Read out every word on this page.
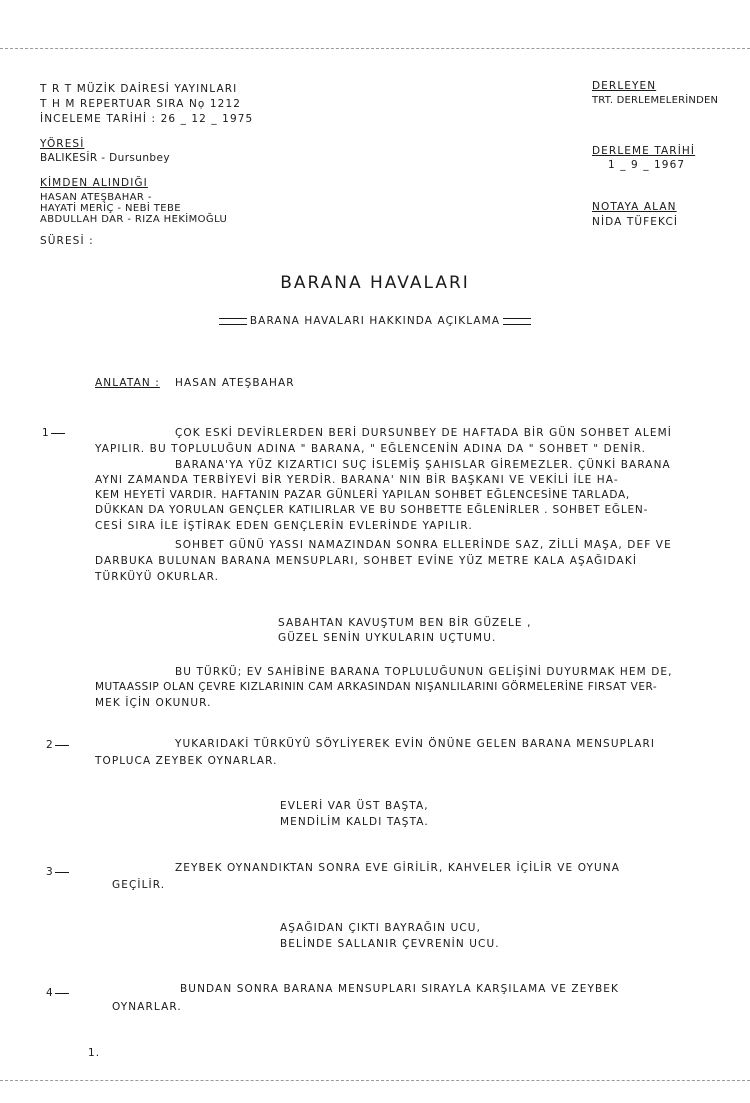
T R T MÜZİK DAİRESİ YAYINLARI
T H M REPERTUAR SIRA Nọ 1212
İNCELEME TARİHİ : 26 _ 12 _ 1975
YÖRESİ
BALIKESİR - Dursunbey
KİMDEN ALINDIĞI
HASAN ATEŞBAHAR -
HAYATİ MERİÇ - NEBİ TEBE
ABDULLAH DAR - RIZA HEKİMOĞLU
SÜRESİ :
DERLEYEN
TRT. DERLEMELERİNDEN
DERLEME TARİHİ
1 _ 9 _ 1967
NOTAYA ALAN
NİDA TÜFEKCİ
BARANA HAVALARI
BARANA HAVALARI HAKKINDA AÇIKLAMA
ANLATAN : HASAN ATEŞBAHAR
1	ÇOK ESKİ DEVİRLERDEN BERİ DURSUNBEY DE HAFTADA BİR GÜN SOHBET ALEMİ
YAPILIR. BU TOPLULUĞUN ADINA " BARANA, " EĞLENCENİN ADINA DA " SOHBET " DENİR.
BARANA'YA YÜZ KIZARTICI SUÇ İSLEMİŞ ŞAHISLAR GİREMEZLER. ÇÜNKİ BARANA
AYNI ZAMANDA TERBİYEVİ BİR YERDİR. BARANA' NIN BİR BAŞKANI VE VEKİLİ İLE HA-
KEM HEYETİ VARDIR. HAFTANIN PAZAR GÜNLERİ YAPILAN SOHBET EĞLENCESİNE TARLADA,
DÜKKAN DA YORULAN GENÇLER KATILIRLAR VE BU SOHBETTE EĞLENİRLER . SOHBET EĞLEN-
CESİ SIRA İLE İŞTİRAK EDEN GENÇLERİN EVLERİNDE YAPILIR.
SOHBET GÜNÜ YASSI NAMAZINDAN SONRA ELLERİNDE SAZ, ZİLLİ MAŞA, DEF VE
DARBUKA BULUNAN BARANA MENSUPLARI, SOHBET EVİNE YÜZ METRE KALA AŞAĞIDAKİ
TÜRKÜYÜ OKURLAR.
SABAHTAN KAVUŞTUM BEN BİR GÜZELE ,
GÜZEL SENİN UYKULARIN UÇTUMU.
BU TÜRKÜ; EV SAHİBİNE BARANA TOPLULUĞUNUN GELİŞİNİ DUYURMAK HEM DE,
MUTAASSIP OLAN ÇEVRE KIZLARININ CAM ARKASINDAN NIŞANLILARINI GÖRMELERİNE FIRSAT VER-
MEK İÇİN OKUNUR.
2	YUKARIDAKİ TÜRKÜYÜ SÖYLİYEREK EVİN ÖNÜNE GELEN BARANA MENSUPLARI
TOPLUCA ZEYBEK OYNARLAR.
EVLERİ VAR ÜST BAŞTA,
MENDİLİM KALDI TAŞTA.
3	ZEYBEK OYNANDIKTAN SONRA EVE GİRİLİR, KAHVELER İÇİLİR VE OYUNA
GEÇİLİR.
AŞAĞIDAN ÇIKTI BAYRAĞIN UCU,
BELİNDE SALLANIR ÇEVRENİN UCU.
4	BUNDAN SONRA BARANA MENSUPLARI SIRAYLA KARŞILAMA VE ZEYBEK
OYNARLAR.
1.
